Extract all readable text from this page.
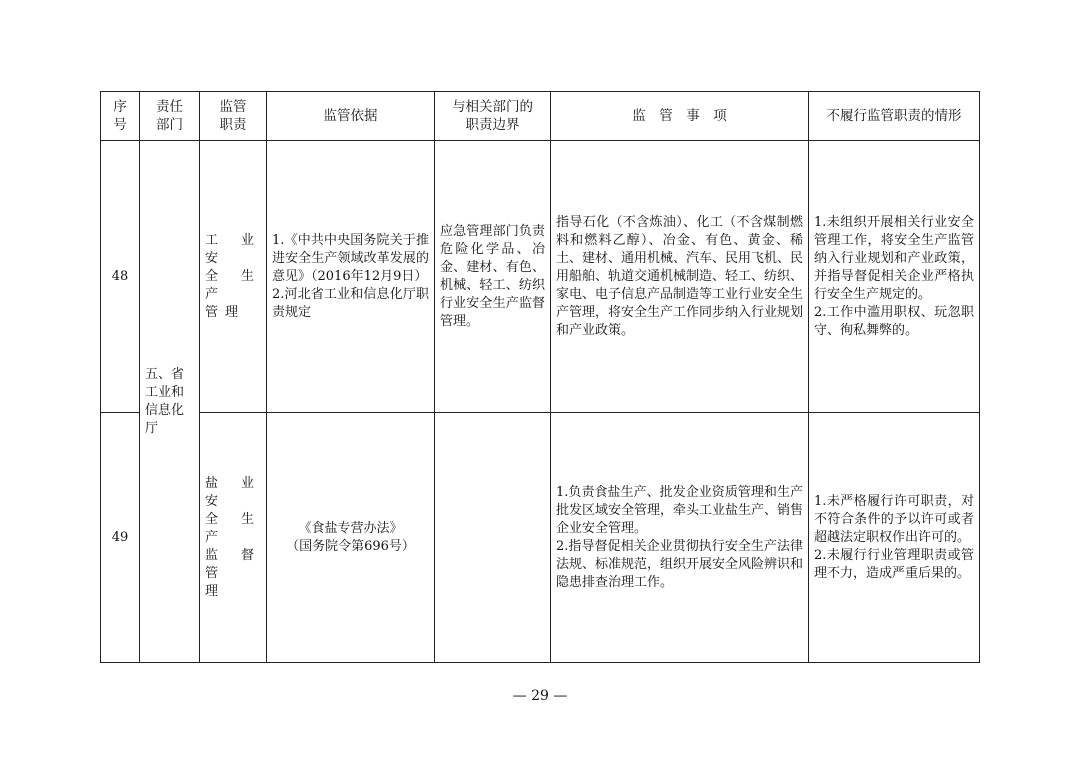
序
号	责任
部门	监管
职责	监管依据	与相关部门的
职责边界	监　管　事　项	不履行监管职责的情形
48	五、省
工业和
信息化
厅	工业安
全生产
管理	1.《中共中央国务院关于推进安全生产领域改革发展的意见》（2016年12月9日）
2.河北省工业和信息化厅职责规定	应急管理部门负责危险化学品、冶金、建材、有色、机械、轻工、纺织行业安全生产监督管理。	指导石化（不含炼油）、化工（不含煤制燃料和燃料乙醇）、冶金、有色、黄金、稀土、建材、通用机械、汽车、民用飞机、民用船舶、轨道交通机械制造、轻工、纺织、家电、电子信息产品制造等工业行业安全生产管理，将安全生产工作同步纳入行业规划和产业政策。	1.未组织开展相关行业安全管理工作，将安全生产监管纳入行业规划和产业政策，并指导督促相关企业严格执行安全生产规定的。
2.工作中滥用职权、玩忽职守、徇私舞弊的。
49		盐业安
全生产
监督管
理	《食盐专营办法》
（国务院令第696号）		1.负责食盐生产、批发企业资质管理和生产批发区域安全管理，牵头工业盐生产、销售企业安全管理。
2.指导督促相关企业贯彻执行安全生产法律法规、标准规范，组织开展安全风险辨识和隐患排查治理工作。	1.未严格履行许可职责，对不符合条件的予以许可或者超越法定职权作出许可的。
2.未履行行业管理职责或管理不力，造成严重后果的。
— 29 —
